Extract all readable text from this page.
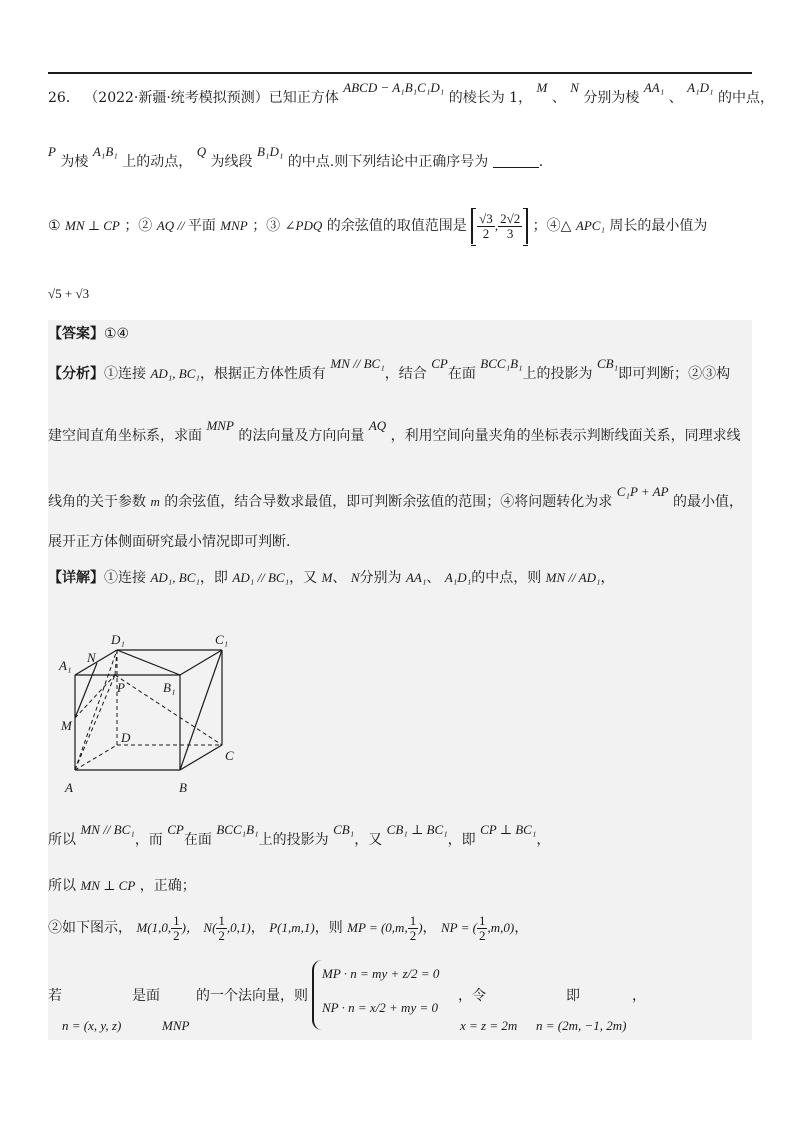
26． （2022·新疆·统考模拟预测）已知正方体 ABCD − A₁B₁C₁D₁ 的棱长为 1， M 、 N 分别为棱 AA₁ 、 A₁D₁ 的中点，
P 为棱 A₁B₁ 上的动点， Q 为线段 B₁D₁ 的中点.则下列结论中正确序号为	.
① MN ⊥ CP ；② AQ // 平面 MNP ；③ ∠PDQ 的余弦值的取值范围是 $\frac{√3}{2}$ , $\frac{2√2}{3}$ ；④△ APC₁ 周长的最小值为
√5 + √3
【答案】①④
【分析】①连接 AD₁, BC₁，根据正方体性质有 MN // BC₁，结合 CP在面 BCC₁B₁上的投影为 CB₁即可判断；②③构
建空间直角坐标系，求面 MNP 的法向量及方向向量 AQ ，利用空间向量夹角的坐标表示判断线面关系，同理求线
线角的关于参数 m 的余弦值，结合导数求最值，即可判断余弦值的范围；④将问题转化为求 C₁P + AP 的最小值，
展开正方体侧面研究最小情况即可判断.
【详解】①连接 AD₁, BC₁，即 AD₁ // BC₁，又 M、 N分别为 AA₁、 A₁D₁的中点，则 MN // AD₁，
D₁	C₁
A₁
N
P	B₁
M
D
C
A	B
所以 MN // BC₁，而 CP在面 BCC₁B₁上的投影为 CB₁，又 CB₁ ⊥ BC₁，即 CP ⊥ BC₁，
所以 MN ⊥ CP ，正确；
②如下图示， M(1,0, $\frac{1}{2}$ )， $N( \frac{1}{2} ,0,1)$， P(1,m,1)，则 MP = (0,m, $\frac{1}{2}$ )， NP = ( $\frac{1}{2} ,m,0$)，
若
n = (x, y, z)
是面
MNP
的一个法向量，则
MP · n = my + z/2 = 0
NP · n = x/2 + my = 0
，令
x = z = 2m
即
n = (2m, −1, 2m)
，
